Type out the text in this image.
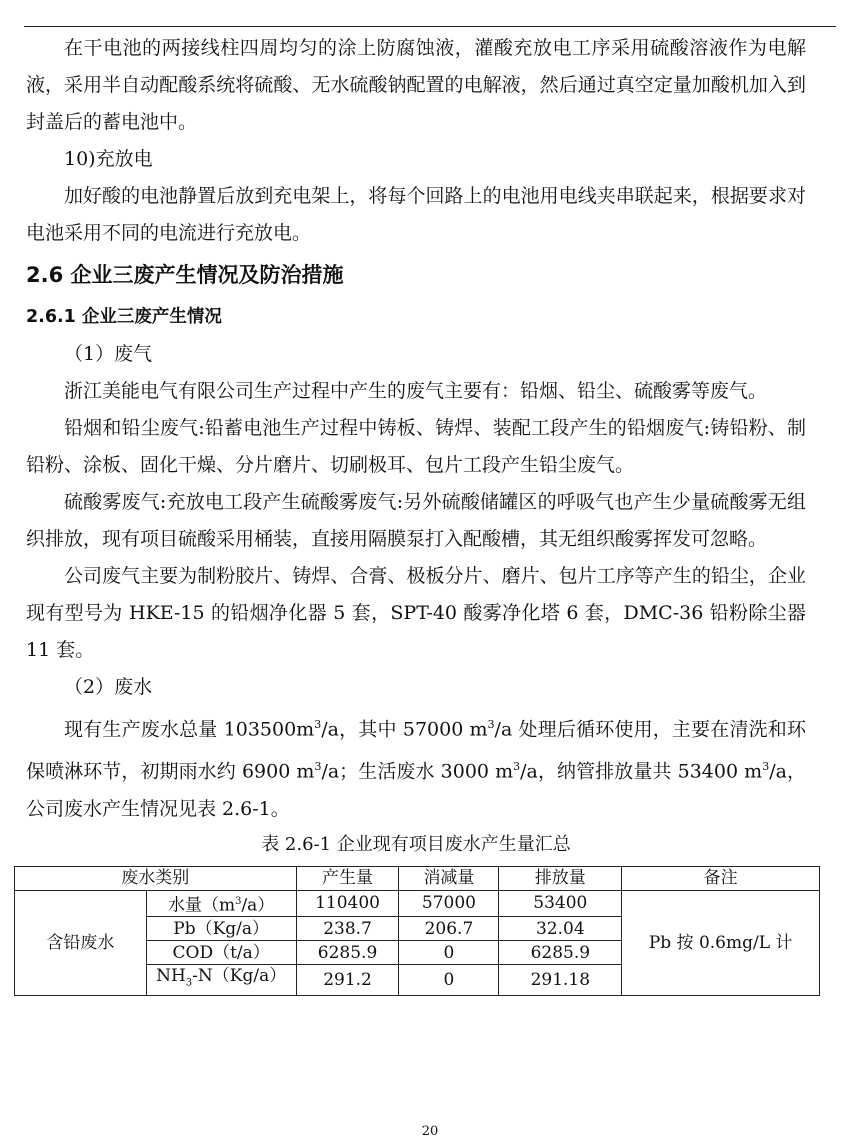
在干电池的两接线柱四周均匀的涂上防腐蚀液，灌酸充放电工序采用硫酸溶液作为电解液，采用半自动配酸系统将硫酸、无水硫酸钠配置的电解液，然后通过真空定量加酸机加入到封盖后的蓄电池中。

10)充放电

加好酸的电池静置后放到充电架上，将每个回路上的电池用电线夹串联起来，根据要求对电池采用不同的电流进行充放电。

2.6 企业三废产生情况及防治措施
2.6.1 企业三废产生情况

（1）废气

浙江美能电气有限公司生产过程中产生的废气主要有：铅烟、铅尘、硫酸雾等废气。

铅烟和铅尘废气:铅蓄电池生产过程中铸板、铸焊、装配工段产生的铅烟废气:铸铅粉、制铅粉、涂板、固化干燥、分片磨片、切刷极耳、包片工段产生铅尘废气。

硫酸雾废气:充放电工段产生硫酸雾废气:另外硫酸储罐区的呼吸气也产生少量硫酸雾无组织排放，现有项目硫酸采用桶装，直接用隔膜泵打入配酸槽，其无组织酸雾挥发可忽略。

公司废气主要为制粉胶片、铸焊、合膏、极板分片、磨片、包片工序等产生的铅尘，企业现有型号为 HKE-15 的铅烟净化器 5 套，SPT-40 酸雾净化塔 6 套，DMC-36 铅粉除尘器 11 套。

（2）废水

现有生产废水总量 $103500m^3/a$，其中 57000 $m^3/a$ 处理后循环使用，主要在清洗和环保喷淋环节，初期雨水约 6900 $m^3/a$；生活废水 3000 $m^3/a$，纳管排放量共 53400 $m^3/a$，公司废水产生情况见表 2.6-1。

表 2.6-1 企业现有项目废水产生量汇总
废水类别		产生量	消减量	排放量	备注
含铅废水	水量$(m^3/a)$	110400	57000	53400	Pb 按 0.6mg/L 计
	Pb（Kg/a）	238.7	206.7	32.04	
	COD（t/a）	6285.9	0	6285.9	
	$NH_3-N(Kg/a)$	291.2	0	291.18	
20
